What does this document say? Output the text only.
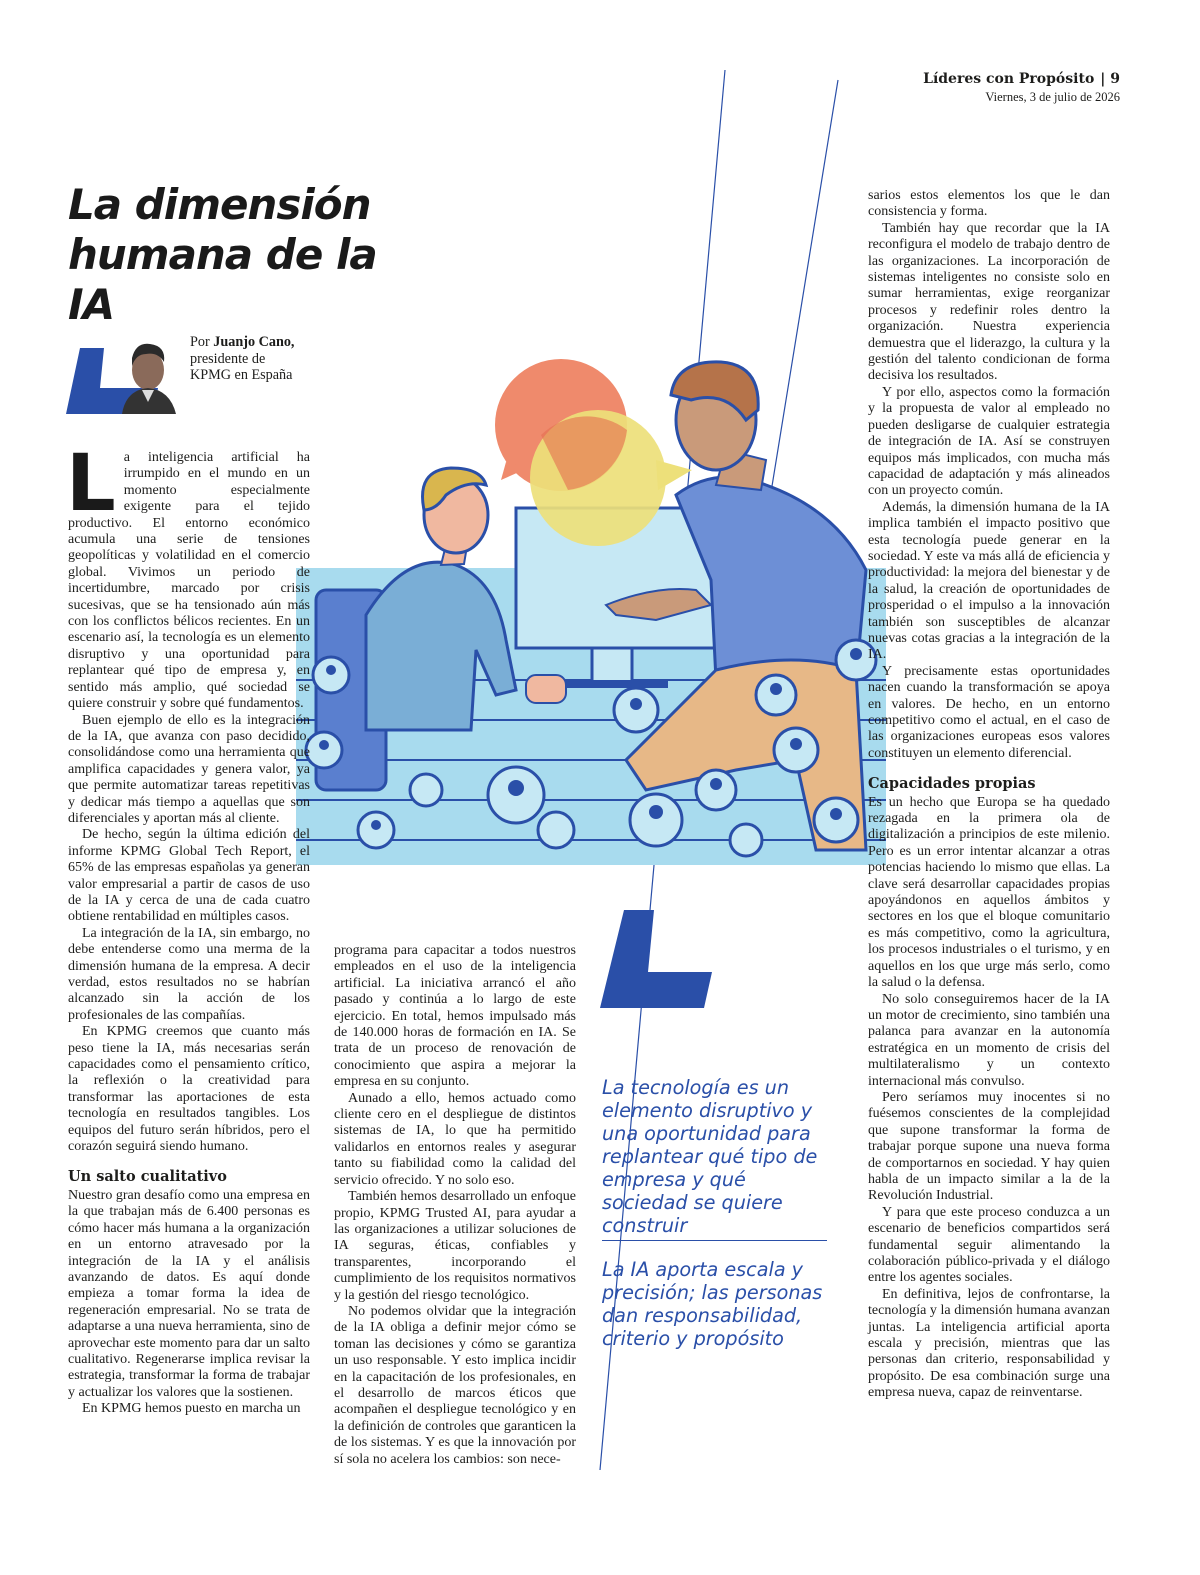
Líderes con Propósito | 9
Viernes, 3 de julio de 2026
La dimensión humana de la IA
Por Juanjo Cano,
presidente de KPMG en España

La tecnología es un elemento disruptivo y una oportunidad para replantear qué tipo de empresa y qué sociedad se quiere construir

La IA aporta escala y precisión; las personas dan responsabilidad, criterio y propósito

L a inteligencia artificial ha irrumpido en el mundo en un momento especialmente exigente para el tejido productivo. El entorno económico acumula una serie de tensiones geopolíticas y volatilidad en el comercio global. Vivimos un periodo de incertidumbre, marcado por crisis sucesivas, que se ha tensionado aún más con los conflictos bélicos recientes. En un escenario así, la tecnología es un elemento disruptivo y una oportunidad para replantear qué tipo de empresa y, en sentido más amplio, qué sociedad se quiere construir y sobre qué fundamentos.

Buen ejemplo de ello es la integración de la IA, que avanza con paso decidido, consolidándose como una herramienta que amplifica capacidades y genera valor, ya que permite automatizar tareas repetitivas y dedicar más tiempo a aquellas que son diferenciales y aportan más al cliente.

De hecho, según la última edición del informe KPMG Global Tech Report, el 65% de las empresas españolas ya generan valor empresarial a partir de casos de uso de la IA y cerca de una de cada cuatro obtiene rentabilidad en múltiples casos.

La integración de la IA, sin embargo, no debe entenderse como una merma de la dimensión humana de la empresa. A decir verdad, estos resultados no se habrían alcanzado sin la acción de los profesionales de las compañías.

En KPMG creemos que cuanto más peso tiene la IA, más necesarias serán capacidades como el pensamiento crítico, la reflexión o la creatividad para transformar las aportaciones de esta tecnología en resultados tangibles. Los equipos del futuro serán híbridos, pero el corazón seguirá siendo humano.

Un salto cualitativo

Nuestro gran desafío como una empresa en la que trabajan más de 6.400 personas es cómo hacer más humana a la organización en un entorno atravesado por la integración de la IA y el análisis avanzando de datos. Es aquí donde empieza a tomar forma la idea de regeneración empresarial. No se trata de adaptarse a una nueva herramienta, sino de aprovechar este momento para dar un salto cualitativo. Regenerarse implica revisar la estrategia, transformar la forma de trabajar y actualizar los valores que la sostienen.

En KPMG hemos puesto en marcha un

programa para capacitar a todos nuestros empleados en el uso de la inteligencia artificial. La iniciativa arrancó el año pasado y continúa a lo largo de este ejercicio. En total, hemos impulsado más de 140.000 horas de formación en IA. Se trata de un proceso de renovación de conocimiento que aspira a mejorar la empresa en su conjunto.

Aunado a ello, hemos actuado como cliente cero en el despliegue de distintos sistemas de IA, lo que ha permitido validarlos en entornos reales y asegurar tanto su fiabilidad como la calidad del servicio ofrecido. Y no solo eso.

También hemos desarrollado un enfoque propio, KPMG Trusted AI, para ayudar a las organizaciones a utilizar soluciones de IA seguras, éticas, confiables y transparentes, incorporando el cumplimiento de los requisitos normativos y la gestión del riesgo tecnológico.

No podemos olvidar que la integración de la IA obliga a definir mejor cómo se toman las decisiones y cómo se garantiza un uso responsable. Y esto implica incidir en la capacitación de los profesionales, en el desarrollo de marcos éticos que acompañen el despliegue tecnológico y en la definición de controles que garanticen la de los sistemas. Y es que la innovación por sí sola no acelera los cambios: son nece-

sarios estos elementos los que le dan consistencia y forma.

También hay que recordar que la IA reconfigura el modelo de trabajo dentro de las organizaciones. La incorporación de sistemas inteligentes no consiste solo en sumar herramientas, exige reorganizar procesos y redefinir roles dentro la organización. Nuestra experiencia demuestra que el liderazgo, la cultura y la gestión del talento condicionan de forma decisiva los resultados.

Y por ello, aspectos como la formación y la propuesta de valor al empleado no pueden desligarse de cualquier estrategia de integración de IA. Así se construyen equipos más implicados, con mucha más capacidad de adaptación y más alineados con un proyecto común.

Además, la dimensión humana de la IA implica también el impacto positivo que esta tecnología puede generar en la sociedad. Y este va más allá de eficiencia y productividad: la mejora del bienestar y de la salud, la creación de oportunidades de prosperidad o el impulso a la innovación también son susceptibles de alcanzar nuevas cotas gracias a la integración de la IA.

Y precisamente estas oportunidades nacen cuando la transformación se apoya en valores. De hecho, en un entorno competitivo como el actual, en el caso de las organizaciones europeas esos valores constituyen un elemento diferencial.

Capacidades propias

Es un hecho que Europa se ha quedado rezagada en la primera ola de digitalización a principios de este milenio. Pero es un error intentar alcanzar a otras potencias haciendo lo mismo que ellas. La clave será desarrollar capacidades propias apoyándonos en aquellos ámbitos y sectores en los que el bloque comunitario es más competitivo, como la agricultura, los procesos industriales o el turismo, y en aquellos en los que urge más serlo, como la salud o la defensa.

No solo conseguiremos hacer de la IA un motor de crecimiento, sino también una palanca para avanzar en la autonomía estratégica en un momento de crisis del multilateralismo y un contexto internacional más convulso.

Pero seríamos muy inocentes si no fuésemos conscientes de la complejidad que supone transformar la forma de trabajar porque supone una nueva forma de comportarnos en sociedad. Y hay quien habla de un impacto similar a la de la Revolución Industrial.

Y para que este proceso conduzca a un escenario de beneficios compartidos será fundamental seguir alimentando la colaboración público-privada y el diálogo entre los agentes sociales.

En definitiva, lejos de confrontarse, la tecnología y la dimensión humana avanzan juntas. La inteligencia artificial aporta escala y precisión, mientras que las personas dan criterio, responsabilidad y propósito. De esa combinación surge una empresa nueva, capaz de reinventarse.
